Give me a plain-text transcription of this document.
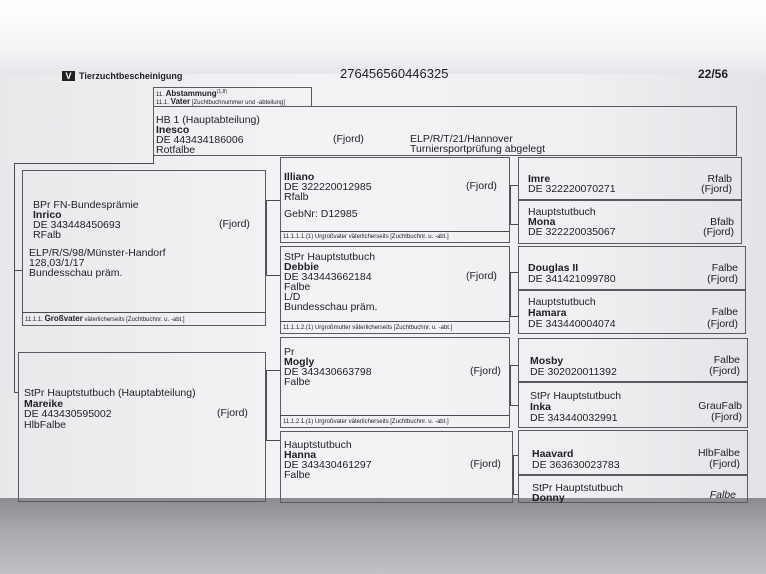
V Tierzuchtbescheinigung	276456560446325	22/56
11. Abstammung$^{(1,8)}$
11.1. Vater [Zuchtbuchnummer und -abteilung]
HB 1 (Hauptabteilung)
Inesco
DE 443434186006	(Fjord)
Rotfalbe
ELP/R/T/21/Hannover
Turniersportprüfung abgelegt
BPr FN-Bundesprämie
Inrico
DE 343448450693	(Fjord)
RFalb
ELP/R/S/98/Münster-Handorf
128,03/1/17
Bundesschau präm.
11.1.1. Großvater väterlicherseits [Zuchtbuchnr. u. -abt.]
StPr Hauptstutbuch (Hauptabteilung)
Mareike
DE 443430595002	(Fjord)
HlbFalbe
Illiano
DE 322220012985	(Fjord)
Rfalb
GebNr: D12985
11.1.1.1.(1) Urgroßvater väterlicherseits [Zuchtbuchnr. u. -abt.]
StPr Hauptstutbuch
Debbie
DE 343443662184	(Fjord)
Falbe
L/D
Bundesschau präm.
11.1.1.2.(1) Urgroßmutter väterlicherseits [Zuchtbuchnr. u. -abt.]
Pr
Mogly
DE 343430663798	(Fjord)
Falbe
11.1.2.1.(1) Urgroßvater väterlicherseits [Zuchtbuchnr. u. -abt.]
Hauptstutbuch
Hanna
DE 343430461297	(Fjord)
Falbe
Imre
DE 322220070271
Rfalb
(Fjord)
Hauptstutbuch
Mona
DE 322220035067
Bfalb
(Fjord)
Douglas II
DE 341421099780
Falbe
(Fjord)
Hauptstutbuch
Hamara
DE 343440004074
Falbe
(Fjord)
Mosby
DE 302020011392
Falbe
(Fjord)
StPr Hauptstutbuch
Inka
DE 343440032991
GrauFalb
(Fjord)
Haavard
DE 363630023783
HlbFalbe
(Fjord)
StPr Hauptstutbuch
Donny	Falbe
